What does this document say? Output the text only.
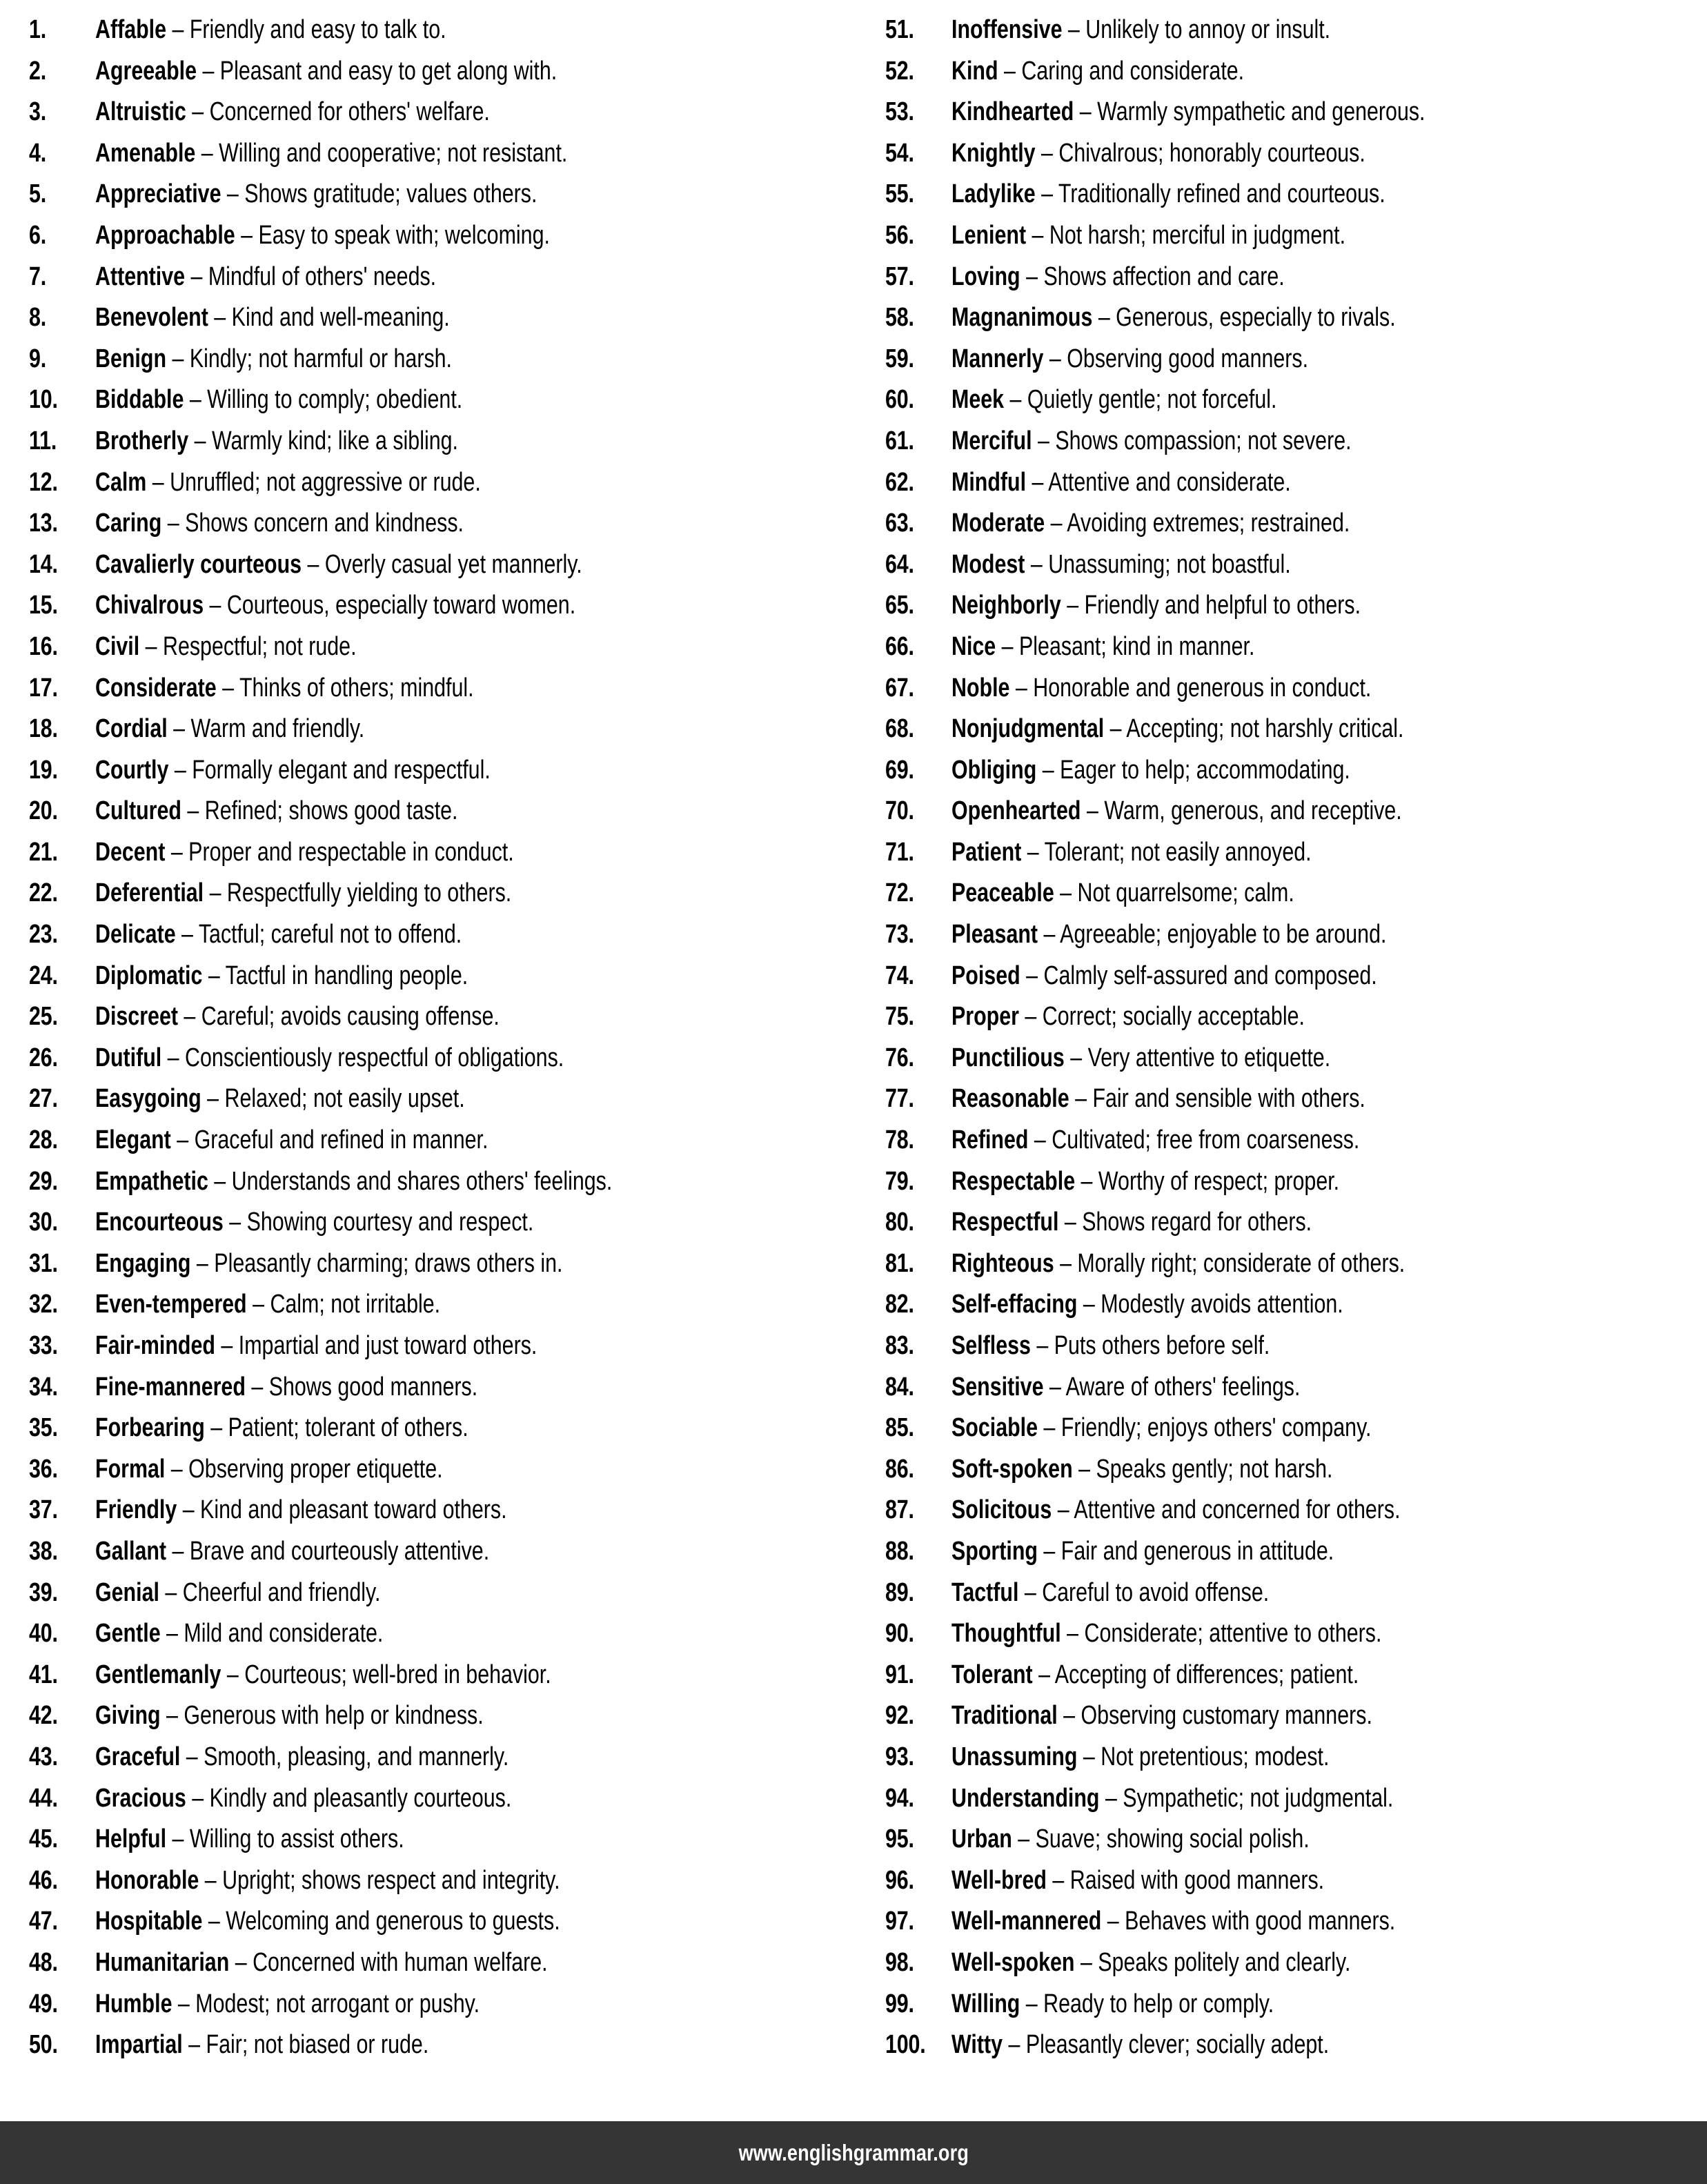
1.	Affable – Friendly and easy to talk to.
2.	Agreeable – Pleasant and easy to get along with.
3.	Altruistic – Concerned for others' welfare.
4.	Amenable – Willing and cooperative; not resistant.
5.	Appreciative – Shows gratitude; values others.
6.	Approachable – Easy to speak with; welcoming.
7.	Attentive – Mindful of others' needs.
8.	Benevolent – Kind and well-meaning.
9.	Benign – Kindly; not harmful or harsh.
10.	Biddable – Willing to comply; obedient.
11.	Brotherly – Warmly kind; like a sibling.
12.	Calm – Unruffled; not aggressive or rude.
13.	Caring – Shows concern and kindness.
14.	Cavalierly courteous – Overly casual yet mannerly.
15.	Chivalrous – Courteous, especially toward women.
16.	Civil – Respectful; not rude.
17.	Considerate – Thinks of others; mindful.
18.	Cordial – Warm and friendly.
19.	Courtly – Formally elegant and respectful.
20.	Cultured – Refined; shows good taste.
21.	Decent – Proper and respectable in conduct.
22.	Deferential – Respectfully yielding to others.
23.	Delicate – Tactful; careful not to offend.
24.	Diplomatic – Tactful in handling people.
25.	Discreet – Careful; avoids causing offense.
26.	Dutiful – Conscientiously respectful of obligations.
27.	Easygoing – Relaxed; not easily upset.
28.	Elegant – Graceful and refined in manner.
29.	Empathetic – Understands and shares others' feelings.
30.	Encourteous – Showing courtesy and respect.
31.	Engaging – Pleasantly charming; draws others in.
32.	Even-tempered – Calm; not irritable.
33.	Fair-minded – Impartial and just toward others.
34.	Fine-mannered – Shows good manners.
35.	Forbearing – Patient; tolerant of others.
36.	Formal – Observing proper etiquette.
37.	Friendly – Kind and pleasant toward others.
38.	Gallant – Brave and courteously attentive.
39.	Genial – Cheerful and friendly.
40.	Gentle – Mild and considerate.
41.	Gentlemanly – Courteous; well-bred in behavior.
42.	Giving – Generous with help or kindness.
43.	Graceful – Smooth, pleasing, and mannerly.
44.	Gracious – Kindly and pleasantly courteous.
45.	Helpful – Willing to assist others.
46.	Honorable – Upright; shows respect and integrity.
47.	Hospitable – Welcoming and generous to guests.
48.	Humanitarian – Concerned with human welfare.
49.	Humble – Modest; not arrogant or pushy.
50.	Impartial – Fair; not biased or rude.
51.	Inoffensive – Unlikely to annoy or insult.
52.	Kind – Caring and considerate.
53.	Kindhearted – Warmly sympathetic and generous.
54.	Knightly – Chivalrous; honorably courteous.
55.	Ladylike – Traditionally refined and courteous.
56.	Lenient – Not harsh; merciful in judgment.
57.	Loving – Shows affection and care.
58.	Magnanimous – Generous, especially to rivals.
59.	Mannerly – Observing good manners.
60.	Meek – Quietly gentle; not forceful.
61.	Merciful – Shows compassion; not severe.
62.	Mindful – Attentive and considerate.
63.	Moderate – Avoiding extremes; restrained.
64.	Modest – Unassuming; not boastful.
65.	Neighborly – Friendly and helpful to others.
66.	Nice – Pleasant; kind in manner.
67.	Noble – Honorable and generous in conduct.
68.	Nonjudgmental – Accepting; not harshly critical.
69.	Obliging – Eager to help; accommodating.
70.	Openhearted – Warm, generous, and receptive.
71.	Patient – Tolerant; not easily annoyed.
72.	Peaceable – Not quarrelsome; calm.
73.	Pleasant – Agreeable; enjoyable to be around.
74.	Poised – Calmly self-assured and composed.
75.	Proper – Correct; socially acceptable.
76.	Punctilious – Very attentive to etiquette.
77.	Reasonable – Fair and sensible with others.
78.	Refined – Cultivated; free from coarseness.
79.	Respectable – Worthy of respect; proper.
80.	Respectful – Shows regard for others.
81.	Righteous – Morally right; considerate of others.
82.	Self-effacing – Modestly avoids attention.
83.	Selfless – Puts others before self.
84.	Sensitive – Aware of others' feelings.
85.	Sociable – Friendly; enjoys others' company.
86.	Soft-spoken – Speaks gently; not harsh.
87.	Solicitous – Attentive and concerned for others.
88.	Sporting – Fair and generous in attitude.
89.	Tactful – Careful to avoid offense.
90.	Thoughtful – Considerate; attentive to others.
91.	Tolerant – Accepting of differences; patient.
92.	Traditional – Observing customary manners.
93.	Unassuming – Not pretentious; modest.
94.	Understanding – Sympathetic; not judgmental.
95.	Urban – Suave; showing social polish.
96.	Well-bred – Raised with good manners.
97.	Well-mannered – Behaves with good manners.
98.	Well-spoken – Speaks politely and clearly.
99.	Willing – Ready to help or comply.
100. Witty – Pleasantly clever; socially adept.
www.englishgrammar.org
